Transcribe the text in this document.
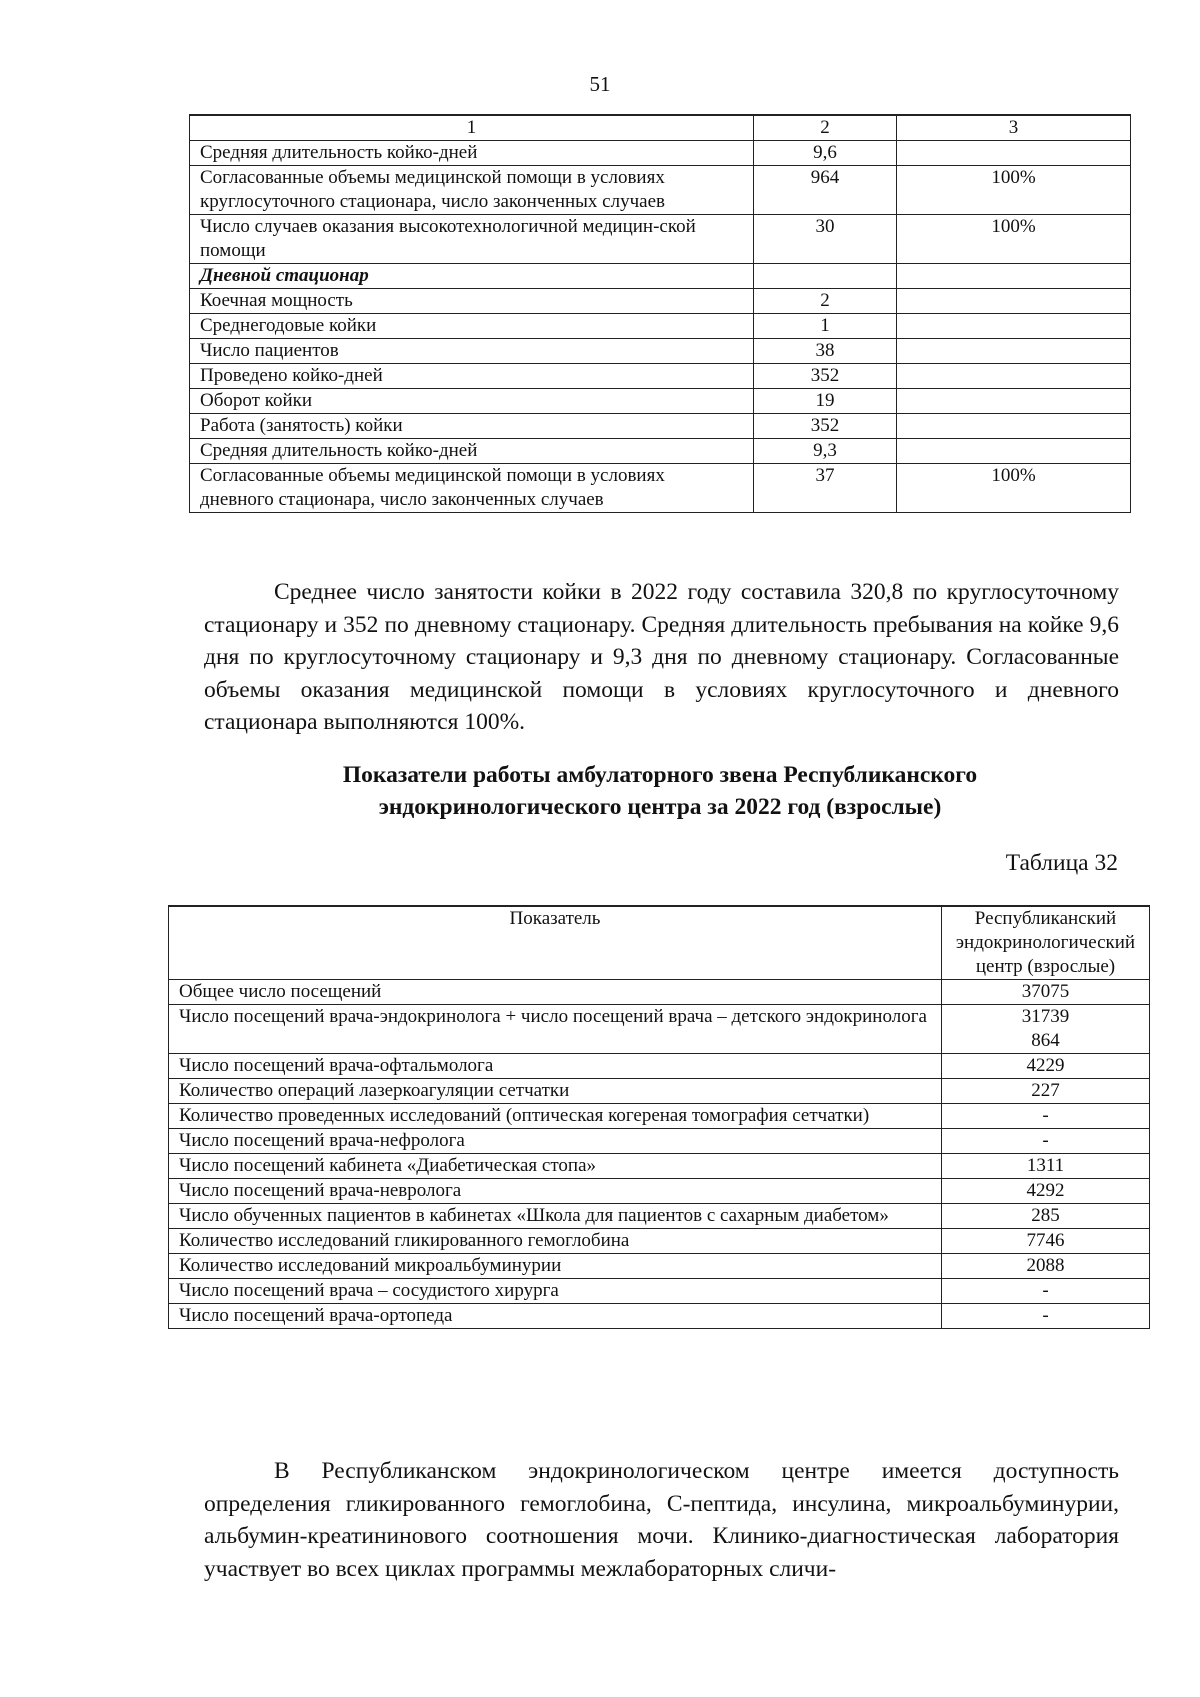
51
1	2	3
Средняя длительность койко-дней	9,6	
Согласованные объемы медицинской помощи в условиях круглосуточного стационара, число законченных случаев	964	100%
Число случаев оказания высокотехнологичной медицин-ской помощи	30	100%
Дневной стационар		
Коечная мощность	2	
Среднегодовые койки	1	
Число пациентов	38	
Проведено койко-дней	352	
Оборот койки	19	
Работа (занятость) койки	352	
Средняя длительность койко-дней	9,3	
Согласованные объемы медицинской помощи в условиях дневного стационара, число законченных случаев	37	100%
Среднее число занятости койки в 2022 году составила 320,8 по круглосуточному стационару и 352 по дневному стационару. Средняя длительность пребывания на койке 9,6 дня по круглосуточному стационару и 9,3 дня по дневному стационару. Согласованные объемы оказания медицинской помощи в условиях круглосуточного и дневного стационара выполняются 100%.
Показатели работы амбулаторного звена Республиканского
эндокринологического центра за 2022 год (взрослые)
Таблица 32
Показатель	Республиканский эндокринологический центр (взрослые)
Общее число посещений	37075
Число посещений врача-эндокринолога + число посещений врача – детского эндокринолога	31739
864

Число посещений врача-офтальмолога	4229
Количество операций лазеркоагуляции сетчатки	227
Количество проведенных исследований (оптическая когереная томография сетчатки)	-
Число посещений врача-нефролога	-
Число посещений кабинета «Диабетическая стопа»	1311
Число посещений врача-невролога	4292
Число обученных пациентов в кабинетах «Школа для пациентов с сахарным диабетом»	285
Количество исследований гликированного гемоглобина	7746
Количество исследований микроальбуминурии	2088
Число посещений врача – сосудистого хирурга	-
Число посещений врача-ортопеда	-
В Республиканском эндокринологическом центре имеется доступность определения гликированного гемоглобина, С-пептида, инсулина, микроальбуминурии, альбумин-креатининового соотношения мочи. Клинико-диагностическая лаборатория участвует во всех циклах программы межлабораторных сличи-
